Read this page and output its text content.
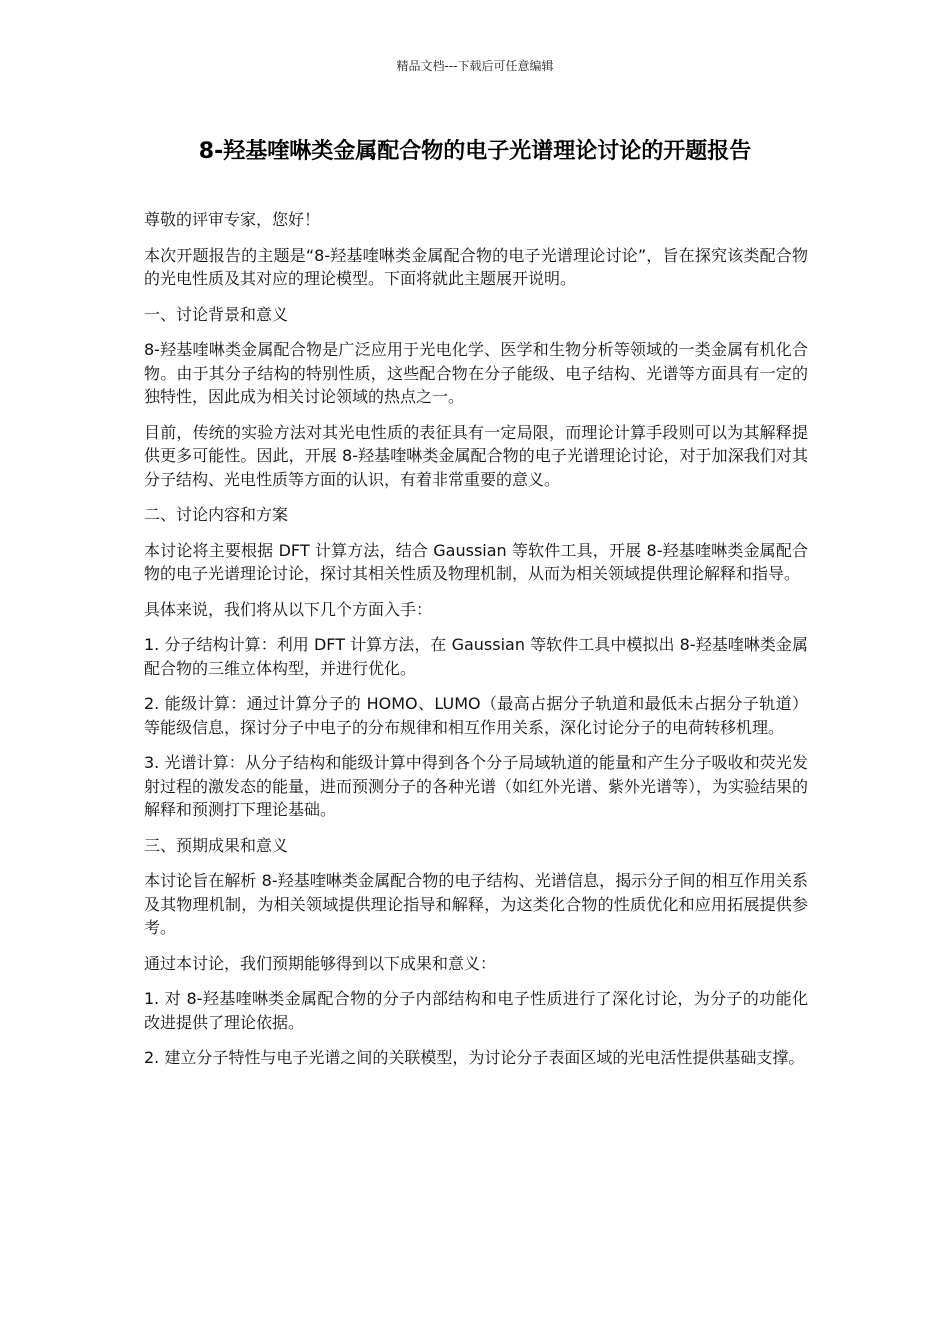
精品文档---下载后可任意编辑
8-羟基喹啉类金属配合物的电子光谱理论讨论的开题报告

尊敬的评审专家，您好！

本次开题报告的主题是“8-羟基喹啉类金属配合物的电子光谱理论讨论”，旨在探究该类配合物的光电性质及其对应的理论模型。下面将就此主题展开说明。

一、讨论背景和意义

8-羟基喹啉类金属配合物是广泛应用于光电化学、医学和生物分析等领域的一类金属有机化合物。由于其分子结构的特别性质，这些配合物在分子能级、电子结构、光谱等方面具有一定的独特性，因此成为相关讨论领域的热点之一。

目前，传统的实验方法对其光电性质的表征具有一定局限，而理论计算手段则可以为其解释提供更多可能性。因此，开展 8-羟基喹啉类金属配合物的电子光谱理论讨论，对于加深我们对其分子结构、光电性质等方面的认识，有着非常重要的意义。

二、讨论内容和方案

本讨论将主要根据 DFT 计算方法，结合 Gaussian 等软件工具，开展 8-羟基喹啉类金属配合物的电子光谱理论讨论，探讨其相关性质及物理机制，从而为相关领域提供理论解释和指导。

具体来说，我们将从以下几个方面入手：

1. 分子结构计算：利用 DFT 计算方法，在 Gaussian 等软件工具中模拟出 8-羟基喹啉类金属配合物的三维立体构型，并进行优化。

2. 能级计算：通过计算分子的 HOMO、LUMO（最高占据分子轨道和最低未占据分子轨道）等能级信息，探讨分子中电子的分布规律和相互作用关系，深化讨论分子的电荷转移机理。

3. 光谱计算：从分子结构和能级计算中得到各个分子局域轨道的能量和产生分子吸收和荧光发射过程的激发态的能量，进而预测分子的各种光谱（如红外光谱、紫外光谱等），为实验结果的解释和预测打下理论基础。

三、预期成果和意义

本讨论旨在解析 8-羟基喹啉类金属配合物的电子结构、光谱信息，揭示分子间的相互作用关系及其物理机制，为相关领域提供理论指导和解释，为这类化合物的性质优化和应用拓展提供参考。

通过本讨论，我们预期能够得到以下成果和意义：

1. 对 8-羟基喹啉类金属配合物的分子内部结构和电子性质进行了深化讨论，为分子的功能化改进提供了理论依据。

2. 建立分子特性与电子光谱之间的关联模型，为讨论分子表面区域的光电活性提供基础支撑。
